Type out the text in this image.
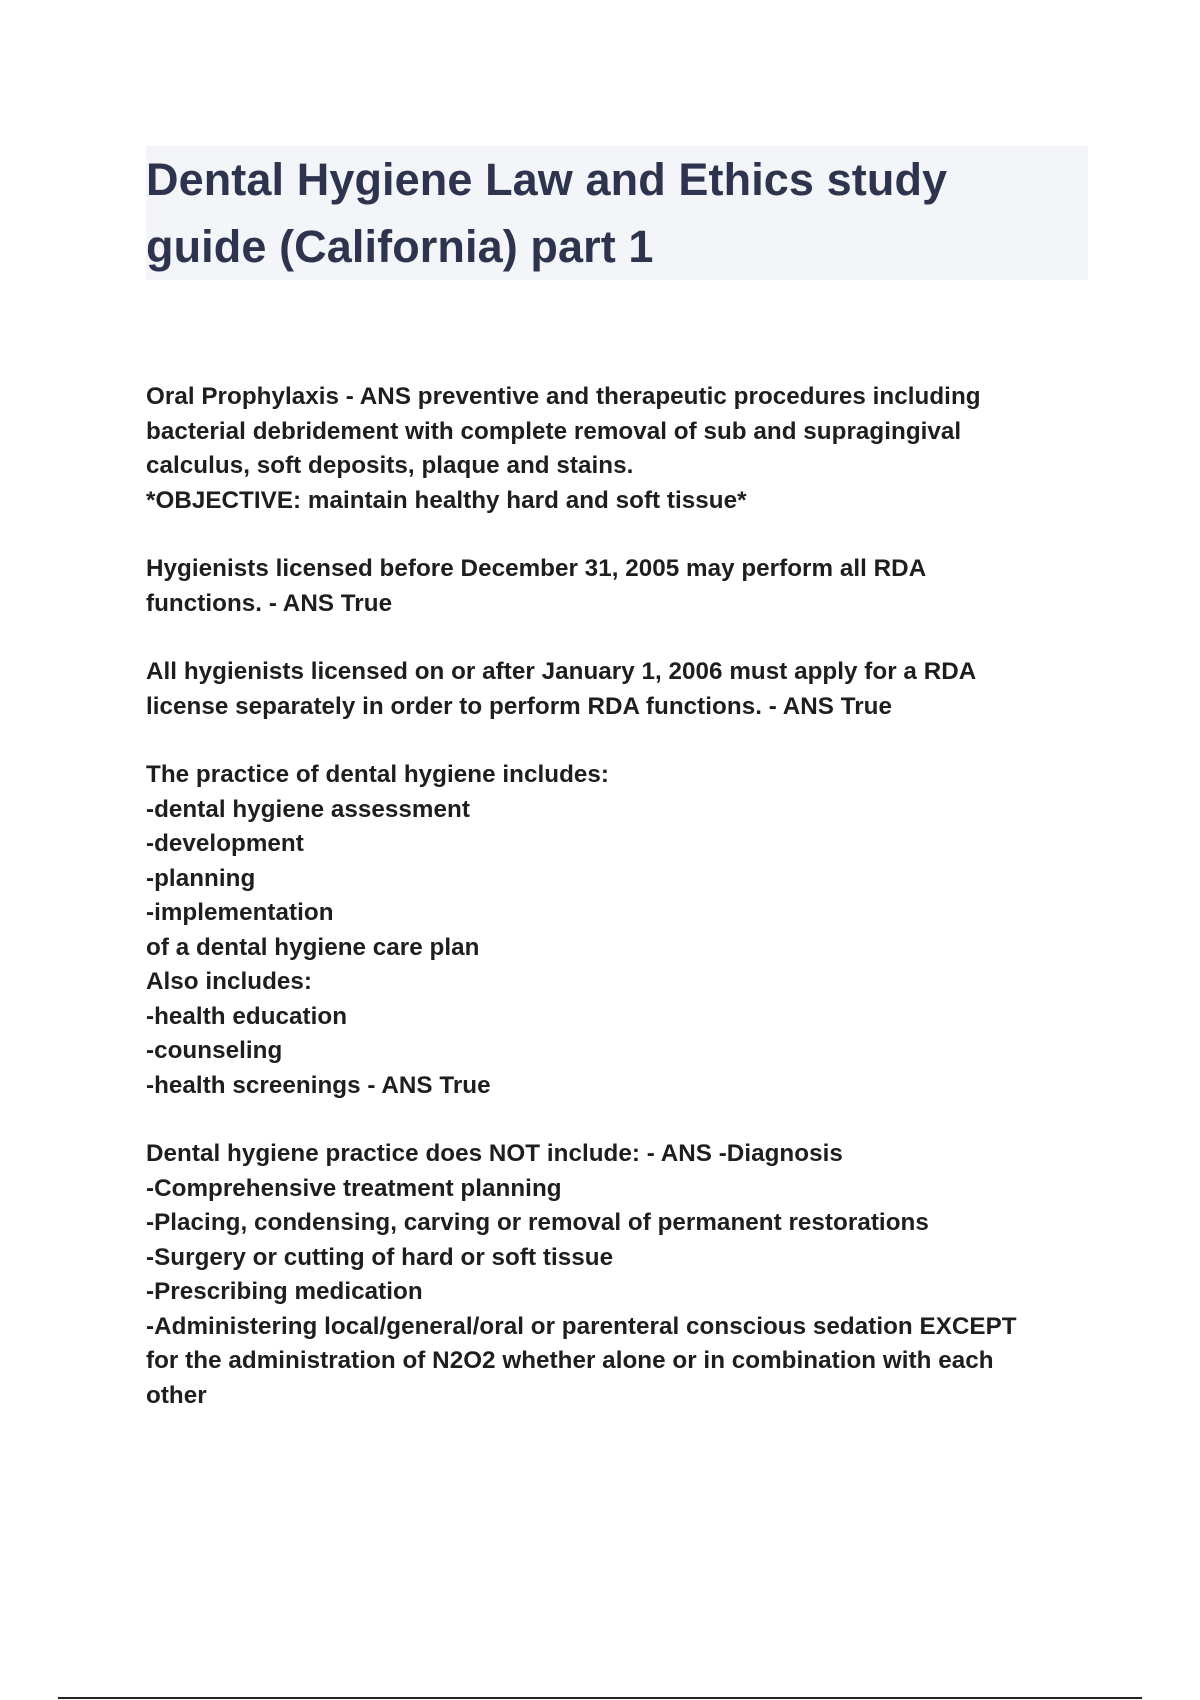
Dental Hygiene Law and Ethics study
guide (California) part 1
Oral Prophylaxis - ANS preventive and therapeutic procedures including
bacterial debridement with complete removal of sub and supragingival
calculus, soft deposits, plaque and stains.
*OBJECTIVE: maintain healthy hard and soft tissue*
Hygienists licensed before December 31, 2005 may perform all RDA
functions. - ANS True
All hygienists licensed on or after January 1, 2006 must apply for a RDA
license separately in order to perform RDA functions. - ANS True
The practice of dental hygiene includes:
-dental hygiene assessment
-development
-planning
-implementation
of a dental hygiene care plan
Also includes:
-health education
-counseling
-health screenings - ANS True
Dental hygiene practice does NOT include: - ANS -Diagnosis
-Comprehensive treatment planning
-Placing, condensing, carving or removal of permanent restorations
-Surgery or cutting of hard or soft tissue
-Prescribing medication
-Administering local/general/oral or parenteral conscious sedation EXCEPT
for the administration of N2O2 whether alone or in combination with each
other
